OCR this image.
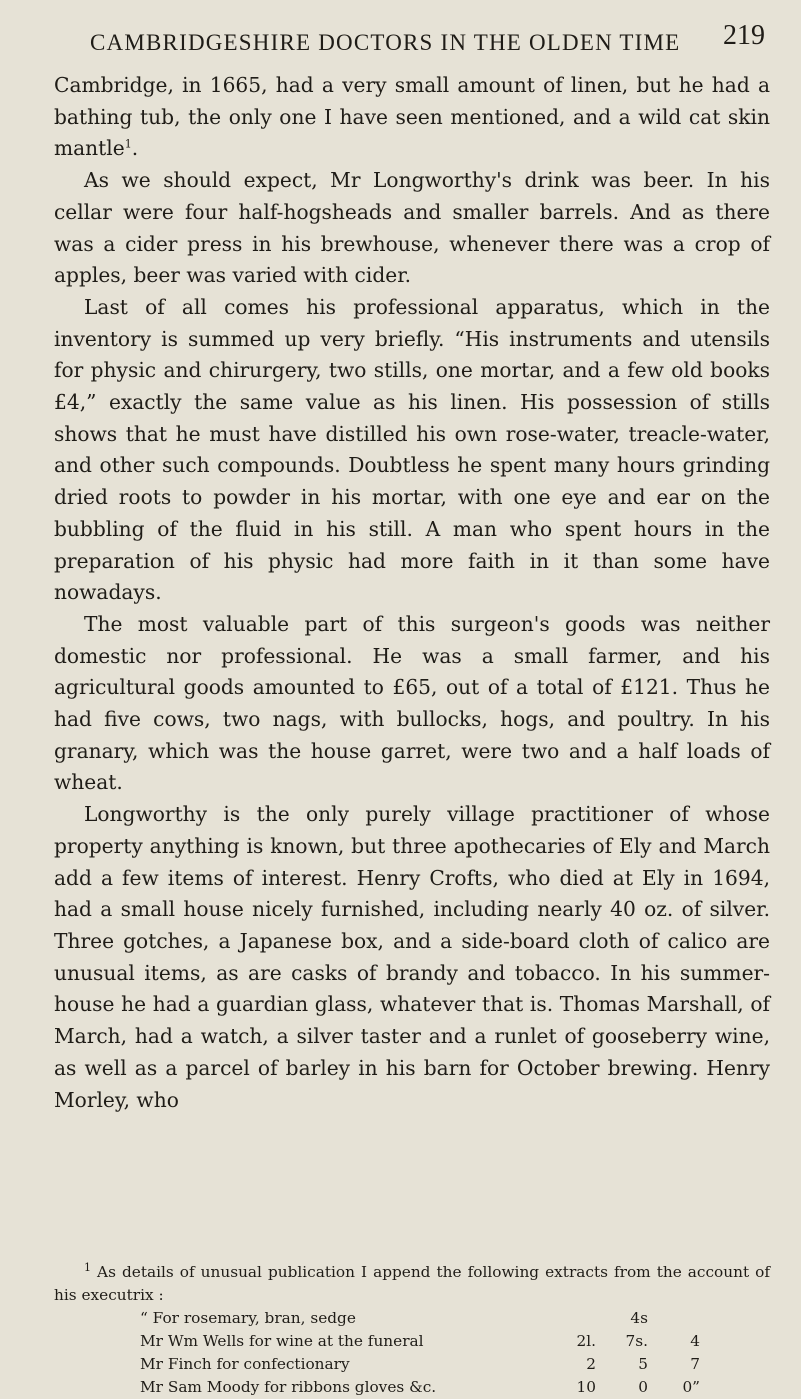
CAMBRIDGESHIRE DOCTORS IN THE OLDEN TIME 219

Cambridge, in 1665, had a very small amount of linen, but he had a bathing tub, the only one I have seen mentioned, and a wild cat skin mantle$^1$.

As we should expect, Mr Longworthy's drink was beer. In his cellar were four half-hogsheads and smaller barrels. And as there was a cider press in his brewhouse, whenever there was a crop of apples, beer was varied with cider.

Last of all comes his professional apparatus, which in the inventory is summed up very briefly. “His instruments and utensils for physic and chirurgery, two stills, one mortar, and a few old books £4,” exactly the same value as his linen. His possession of stills shows that he must have distilled his own rose-water, treacle-water, and other such compounds. Doubtless he spent many hours grinding dried roots to powder in his mortar, with one eye and ear on the bubbling of the fluid in his still. A man who spent hours in the preparation of his physic had more faith in it than some have nowadays.

The most valuable part of this surgeon's goods was neither domestic nor professional. He was a small farmer, and his agricultural goods amounted to £65, out of a total of £121. Thus he had five cows, two nags, with bullocks, hogs, and poultry. In his granary, which was the house garret, were two and a half loads of wheat.

Longworthy is the only purely village practitioner of whose property anything is known, but three apothecaries of Ely and March add a few items of interest. Henry Crofts, who died at Ely in 1694, had a small house nicely furnished, including nearly 40 oz. of silver. Three gotches, a Japanese box, and a side-board cloth of calico are unusual items, as are casks of brandy and tobacco. In his summer-house he had a guardian glass, whatever that is. Thomas Marshall, of March, had a watch, a silver taster and a runlet of gooseberry wine, as well as a parcel of barley in his barn for October brewing. Henry Morley, who

$^1$ As details of unusual publication I append the following extracts from the account of his executrix :

“ For rosemary, bran, sedge		4s	
Mr Wm Wells for wine at the funeral	2l.	7s.	4
Mr Finch for confectionary	2	5	7
Mr Sam Moody for ribbons gloves &c.	10	0	0”
